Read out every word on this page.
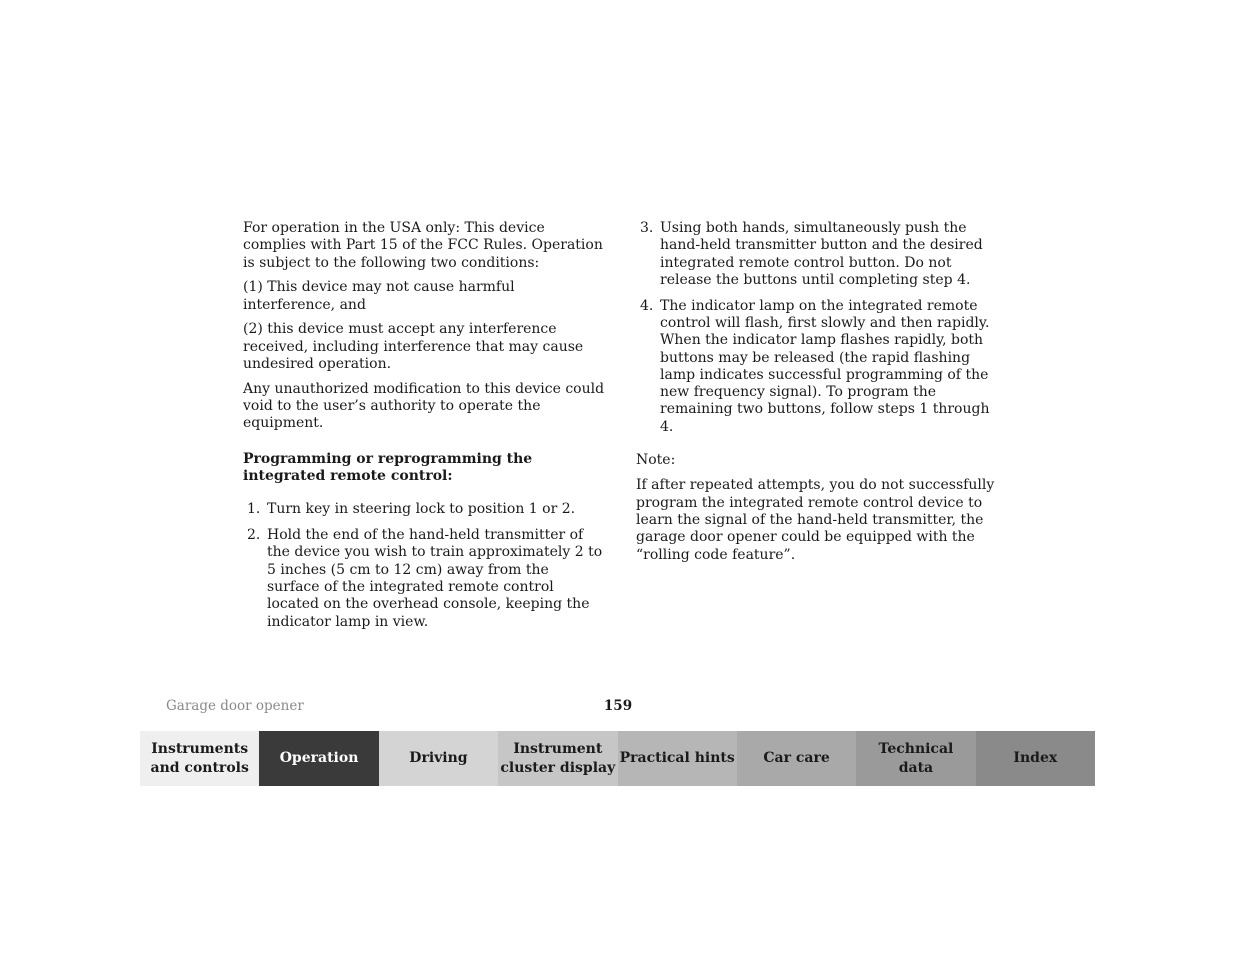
For operation in the USA only: This device complies with Part 15 of the FCC Rules. Operation is subject to the following two conditions:

(1) This device may not cause harmful interference, and

(2) this device must accept any interference received, including interference that may cause undesired operation.

Any unauthorized modification to this device could void to the user’s authority to operate the equipment.

Programming or reprogramming the integrated remote control:

1. Turn key in steering lock to position 1 or 2.
2. Hold the end of the hand-held transmitter of the device you wish to train approximately 2 to 5 inches (5 cm to 12 cm) away from the surface of the integrated remote control located on the overhead console, keeping the indicator lamp in view.
3. Using both hands, simultaneously push the hand-held transmitter button and the desired integrated remote control button. Do not release the buttons until completing step 4.
4. The indicator lamp on the integrated remote control will flash, first slowly and then rapidly. When the indicator lamp flashes rapidly, both buttons may be released (the rapid flashing lamp indicates successful programming of the new frequency signal). To program the remaining two buttons, follow steps 1 through 4.

Note:

If after repeated attempts, you do not successfully program the integrated remote control device to learn the signal of the hand-held transmitter, the garage door opener could be equipped with the “rolling code feature”.

Garage door opener	159
Instruments
and controls
Operation	Driving
Instrument
cluster display
Practical hints	Car care
Technical
data
Index
